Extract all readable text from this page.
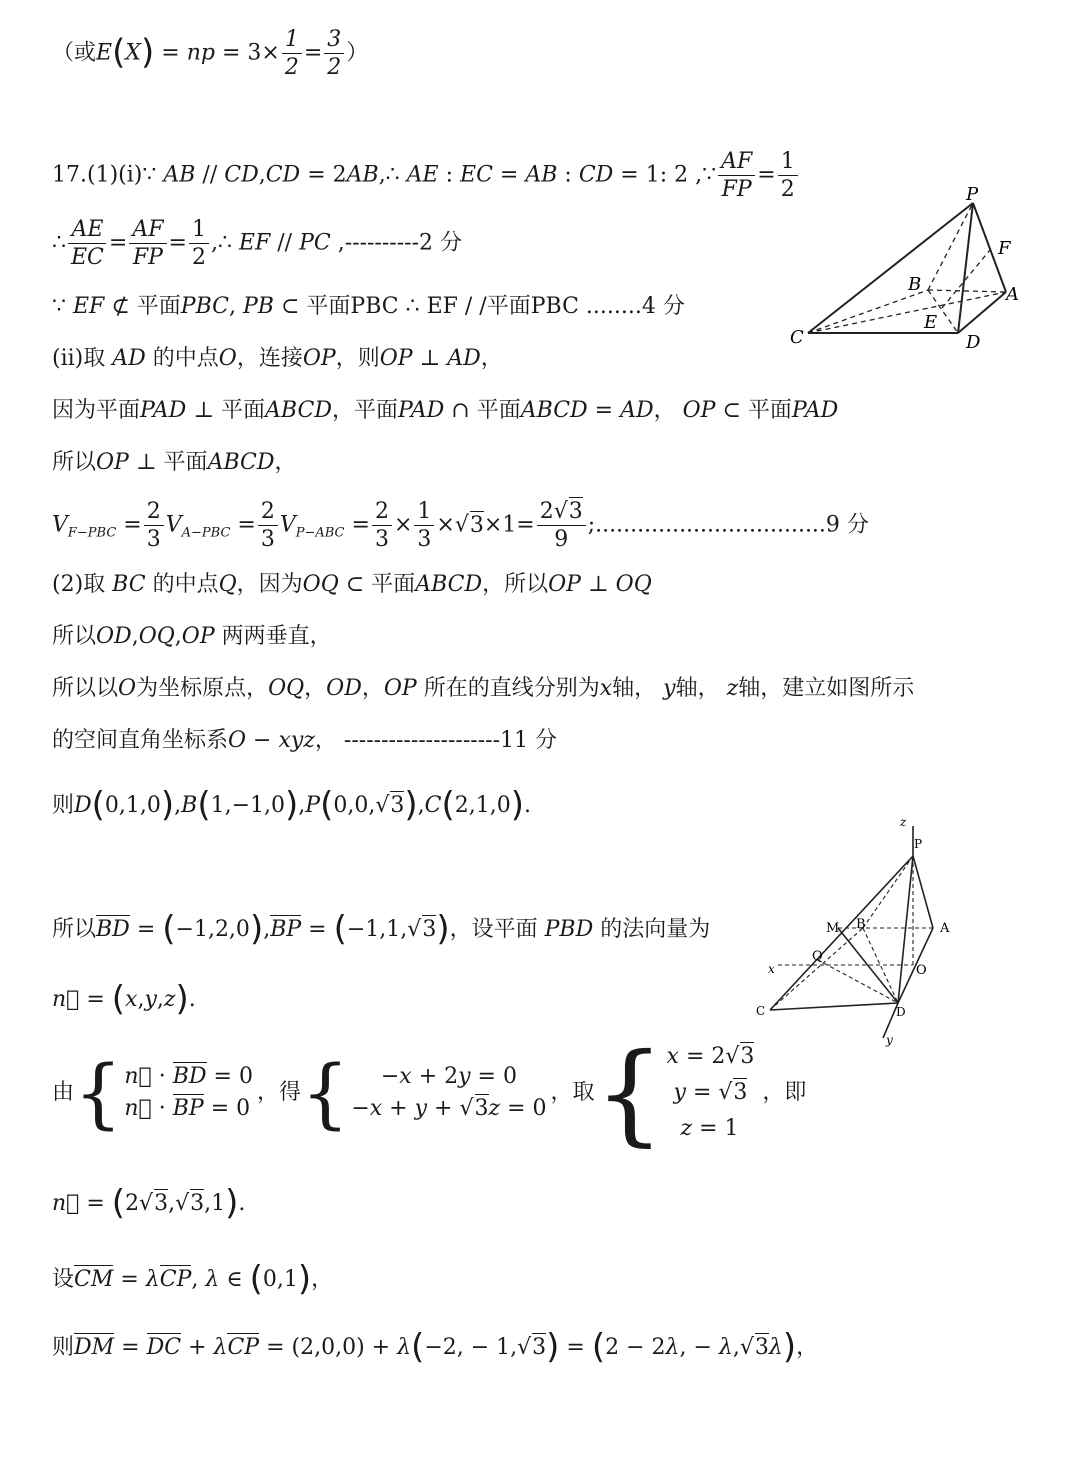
（或E(X) = np = $3\times \frac{1}{2} = \frac{3}{2}$ ）
17.(1)(i)∵ AB // CD,CD = 2AB,∴ AE : EC = AB : CD = 1: 2 ,∵ $\frac{AF}{FP} = \frac{1}{2}$
∴ $\frac{AE}{EC} = \frac{AF}{FP} = \frac{1}{2}$ ,∴ EF // PC ,----------2 分
∵ EF ⊄ 平面PBC, PB ⊂ 平面PBC ∴ EF / /平面PBC ........4 分
(ii)取 AD 的中点O，连接OP，则OP ⊥ AD，
因为平面PAD ⊥ 平面ABCD，平面PAD ∩ 平面ABCD = AD， OP ⊂ 平面PAD
所以OP ⊥ 平面ABCD，
$V_{F-PBC} = \frac{2}{3} V_{A-PBC} = \frac{2}{3} V_{P-ABC} = \frac{2}{3} \times \frac{1}{3} \times√3\times 1= \frac{2√3}{9}$ ;.................................9 分
(2)取 BC 的中点Q，因为OQ ⊂ 平面ABCD，所以OP ⊥ OQ
所以OD,OQ,OP 两两垂直，
所以以O为坐标原点，OQ，OD，OP 所在的直线分别为x轴， y轴， z轴，建立如图所示
的空间直角坐标系O − xyz， ---------------------11 分
则D(0,1,0),B(1,−1,0),P(0,0,√3),C(2,1,0).
所以BD = (−1,2,0),BP = (−1,1,√3)，设平面 PBD 的法向量为
n⃗ = (x,y,z).
由 { n⃗ · BD = 0
n⃗ · BP = 0
，得 { −x + 2y = 0
−x + y + √3z = 0
，取 { x = 2√3
y = √3
z = 1
，即
n⃗ = (2√3,√3,1).
设CM = λCP, λ ∈ (0,1)，
则DM = DC + λCP = (2,0,0) + λ(−2, − 1,√3) = (2 − 2λ, − λ,√3λ)，
P
F
B	A
E
C	D
z
P
M B	A
x
Q
O
C	D
y
